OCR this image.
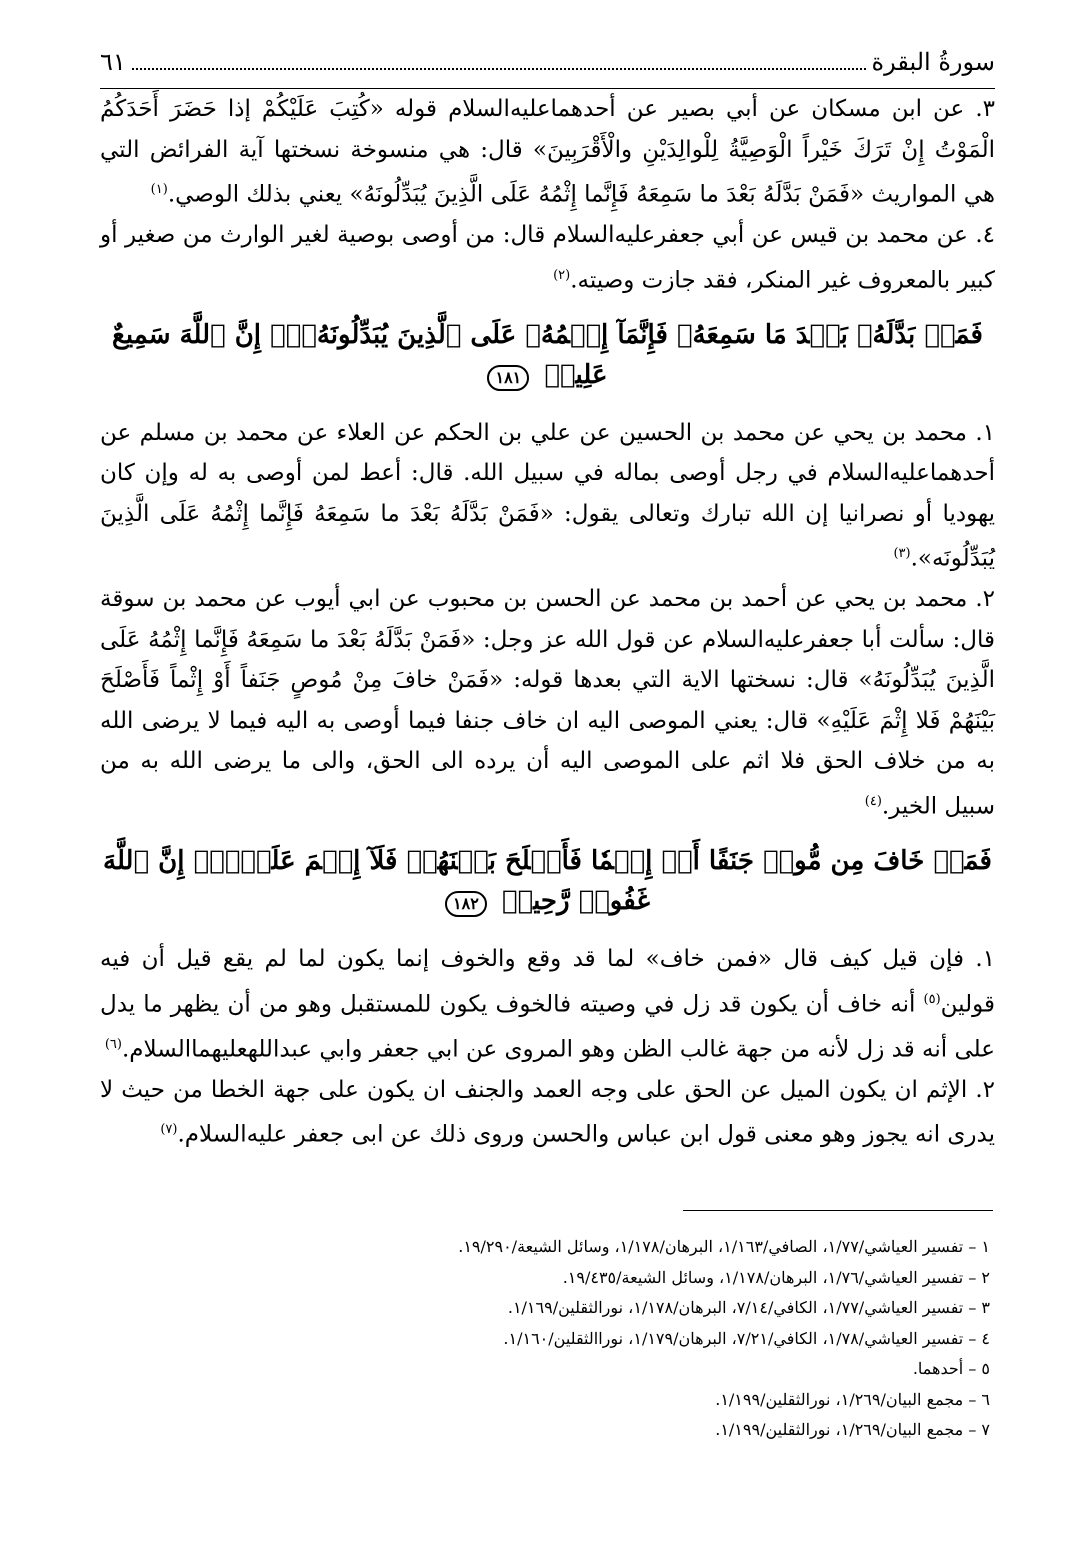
سورةُ البقرة
٦١

٣. عن ابن مسكان عن أبي بصير عن أحدهماعليه‌السلام قوله «كُتِبَ عَلَيْكُمْ إذا حَضَرَ أَحَدَكُمُ الْمَوْتُ إِنْ تَرَكَ خَيْراً الْوَصِيَّةُ لِلْوالِدَيْنِ والْأَقْرَبِينَ» قال: هي منسوخة نسختها آية الفرائض التي هي المواريث «فَمَنْ بَدَّلَهُ بَعْدَ ما سَمِعَهُ فَإِنَّما إِثْمُهُ عَلَى الَّذِينَ يُبَدِّلُونَهُ» يعني بذلك الوصي.$^{(١)}$

٤. عن محمد بن قيس عن أبي جعفرعليه‌السلام قال: من أوصى بوصية لغير الوارث من صغير أو كبير بالمعروف غير المنكر، فقد جازت وصيته.$^{(٢)}$

فَمَنۢ بَدَّلَهُۥ بَعۡدَ مَا سَمِعَهُۥ فَإِنَّمَآ إِثۡمُهُۥ عَلَى ٱلَّذِينَ يُبَدِّلُونَهُۥٓۚ إِنَّ ٱللَّهَ سَمِيعٌ عَلِيمٞ ١٨١

١. محمد بن يحي عن محمد بن الحسين عن علي بن الحكم عن العلاء عن محمد بن مسلم عن أحدهماعليه‌السلام في رجل أوصى بماله في سبيل الله. قال: أعط لمن أوصى به له وإن كان يهوديا أو نصرانيا إن الله تبارك وتعالى يقول: «فَمَنْ بَدَّلَهُ بَعْدَ ما سَمِعَهُ فَإِنَّما إِثْمُهُ عَلَى الَّذِينَ يُبَدِّلُونَه».$^{(٣)}$

٢. محمد بن يحي عن أحمد بن محمد عن الحسن بن محبوب عن ابي أيوب عن محمد بن سوقة قال: سألت أبا جعفرعليه‌السلام عن قول الله عز وجل: «فَمَنْ بَدَّلَهُ بَعْدَ ما سَمِعَهُ فَإِنَّما إِثْمُهُ عَلَى الَّذِينَ يُبَدِّلُونَهُ» قال: نسختها الاية التي بعدها قوله: «فَمَنْ خافَ مِنْ مُوصٍ جَنَفاً أَوْ إِثْماً فَأَصْلَحَ بَيْنَهُمْ فَلا إِثْمَ عَلَيْهِ» قال: يعني الموصى اليه ان خاف جنفا فيما أوصى به اليه فيما لا يرضى الله به من خلاف الحق فلا اثم على الموصى اليه أن يرده الى الحق، والى ما يرضى الله به من سبيل الخير.$^{(٤)}$

فَمَنۡ خَافَ مِن مُّوصٖ جَنَفًا أَوۡ إِثۡمٗا فَأَصۡلَحَ بَيۡنَهُمۡ فَلَآ إِثۡمَ عَلَيۡهِۚ إِنَّ ٱللَّهَ غَفُورٞ رَّحِيمٞ ١٨٢

١. فإن قيل كيف قال «فمن خاف» لما قد وقع والخوف إنما يكون لما لم يقع قيل أن فيه قولين$^{(٥)}$ أنه خاف أن يكون قد زل في وصيته فالخوف يكون للمستقبل وهو من أن يظهر ما يدل على أنه قد زل لأنه من جهة غالب الظن وهو المروى عن ابي جعفر وابي عبداللهعليهما‌السلام.$^{(٦)}$

٢. الإثم ان يكون الميل عن الحق على وجه العمد والجنف ان يكون على جهة الخطا من حيث لا يدرى انه يجوز وهو معنى قول ابن عباس والحسن وروى ذلك عن ابى جعفر عليه‌السلام.$^{(٧)}$

١ – تفسير العياشي/١/٧٧، الصافي/١/١٦٣، البرهان/١/١٧٨، وسائل الشيعة/١٩/٢٩٠.
٢ – تفسير العياشي/١/٧٦، البرهان/١/١٧٨، وسائل الشيعة/١٩/٤٣٥.
٣ – تفسير العياشي/١/٧٧، الكافي/٧/١٤، البرهان/١/١٧٨، نورالثقلين/١/١٦٩.
٤ – تفسير العياشي/١/٧٨، الكافي/٧/٢١، البرهان/١/١٧٩، نوراالثقلين/١/١٦٠.
٥ – أحدهما.
٦ – مجمع البيان/١/٢٦٩، نورالثقلين/١/١٩٩.
٧ – مجمع البيان/١/٢٦٩، نورالثقلين/١/١٩٩.
